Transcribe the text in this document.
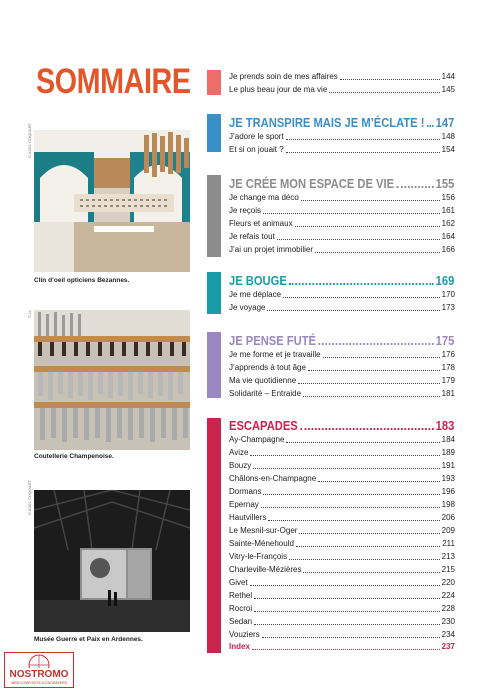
SOMMAIRE
© AXEL COQUART
Clin d’oeil opticiens Bezannes.
© LL
Coutellerie Champenoise.
© AXEL COQUART
Musée Guerre et Paix en Ardennes.
NOSTROMO
WEB COMPOSITE & ENGRAVERS
Je prends soin de mes affaires	144
Le plus beau jour de ma vie	145
JE TRANSPIRE MAIS JE M’ÉCLATE ! 147
J’adore le sport	148
Et si on jouait ?	154
JE CRÉE MON ESPACE DE VIE	155
Je change ma déco	156
Je reçois	161
Fleurs et animaux	162
Je refais tout	164
J’ai un projet immobilier	166
JE BOUGE	169
Je me déplace	170
Je voyage	173
JE PENSE FUTÉ	175
Je me forme et je travaille	176
J’apprends à tout âge	178
Ma vie quotidienne	179
Solidarité – Entraide	181
ESCAPADES	183
Ay-Champagne	184
Avize	189
Bouzy	191
Châlons-en-Champagne	193
Dormans	196
Epernay	198
Hautvillers	206
Le Mesnil-sur-Oger	209
Sainte-Ménehould	211
Vitry-le-François	213
Charleville-Mézières	215
Givet	220
Rethel	224
Rocroi	228
Sedan	230
Vouziers	234
Index	237
